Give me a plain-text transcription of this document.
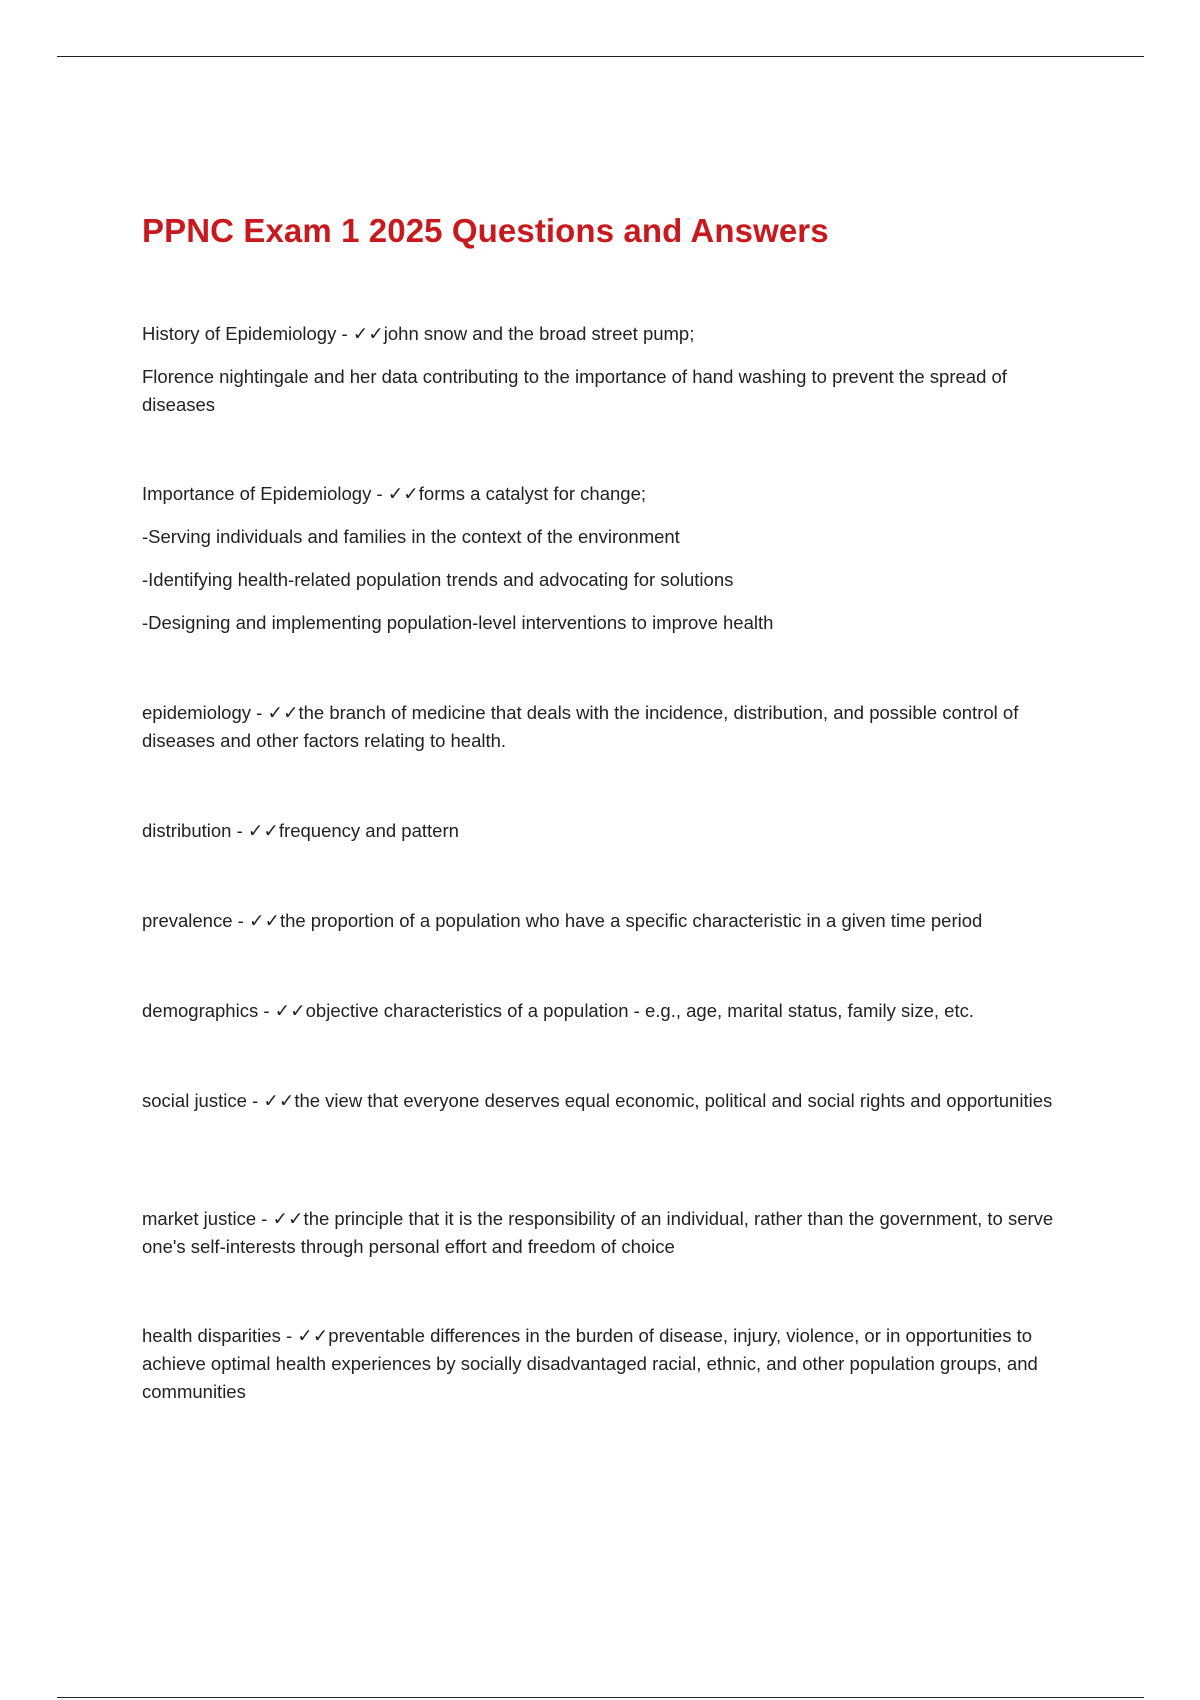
PPNC Exam 1 2025 Questions and Answers

History of Epidemiology - ✓✓john snow and the broad street pump;

Florence nightingale and her data contributing to the importance of hand washing to prevent the spread of diseases

Importance of Epidemiology - ✓✓forms a catalyst for change;

-Serving individuals and families in the context of the environment

-Identifying health-related population trends and advocating for solutions

-Designing and implementing population-level interventions to improve health

epidemiology - ✓✓the branch of medicine that deals with the incidence, distribution, and possible control of diseases and other factors relating to health.

distribution - ✓✓frequency and pattern

prevalence - ✓✓the proportion of a population who have a specific characteristic in a given time period

demographics - ✓✓objective characteristics of a population - e.g., age, marital status, family size, etc.

social justice - ✓✓the view that everyone deserves equal economic, political and social rights and opportunities

market justice - ✓✓the principle that it is the responsibility of an individual, rather than the government, to serve one's self-interests through personal effort and freedom of choice

health disparities - ✓✓preventable differences in the burden of disease, injury, violence, or in opportunities to achieve optimal health experiences by socially disadvantaged racial, ethnic, and other population groups, and communities
